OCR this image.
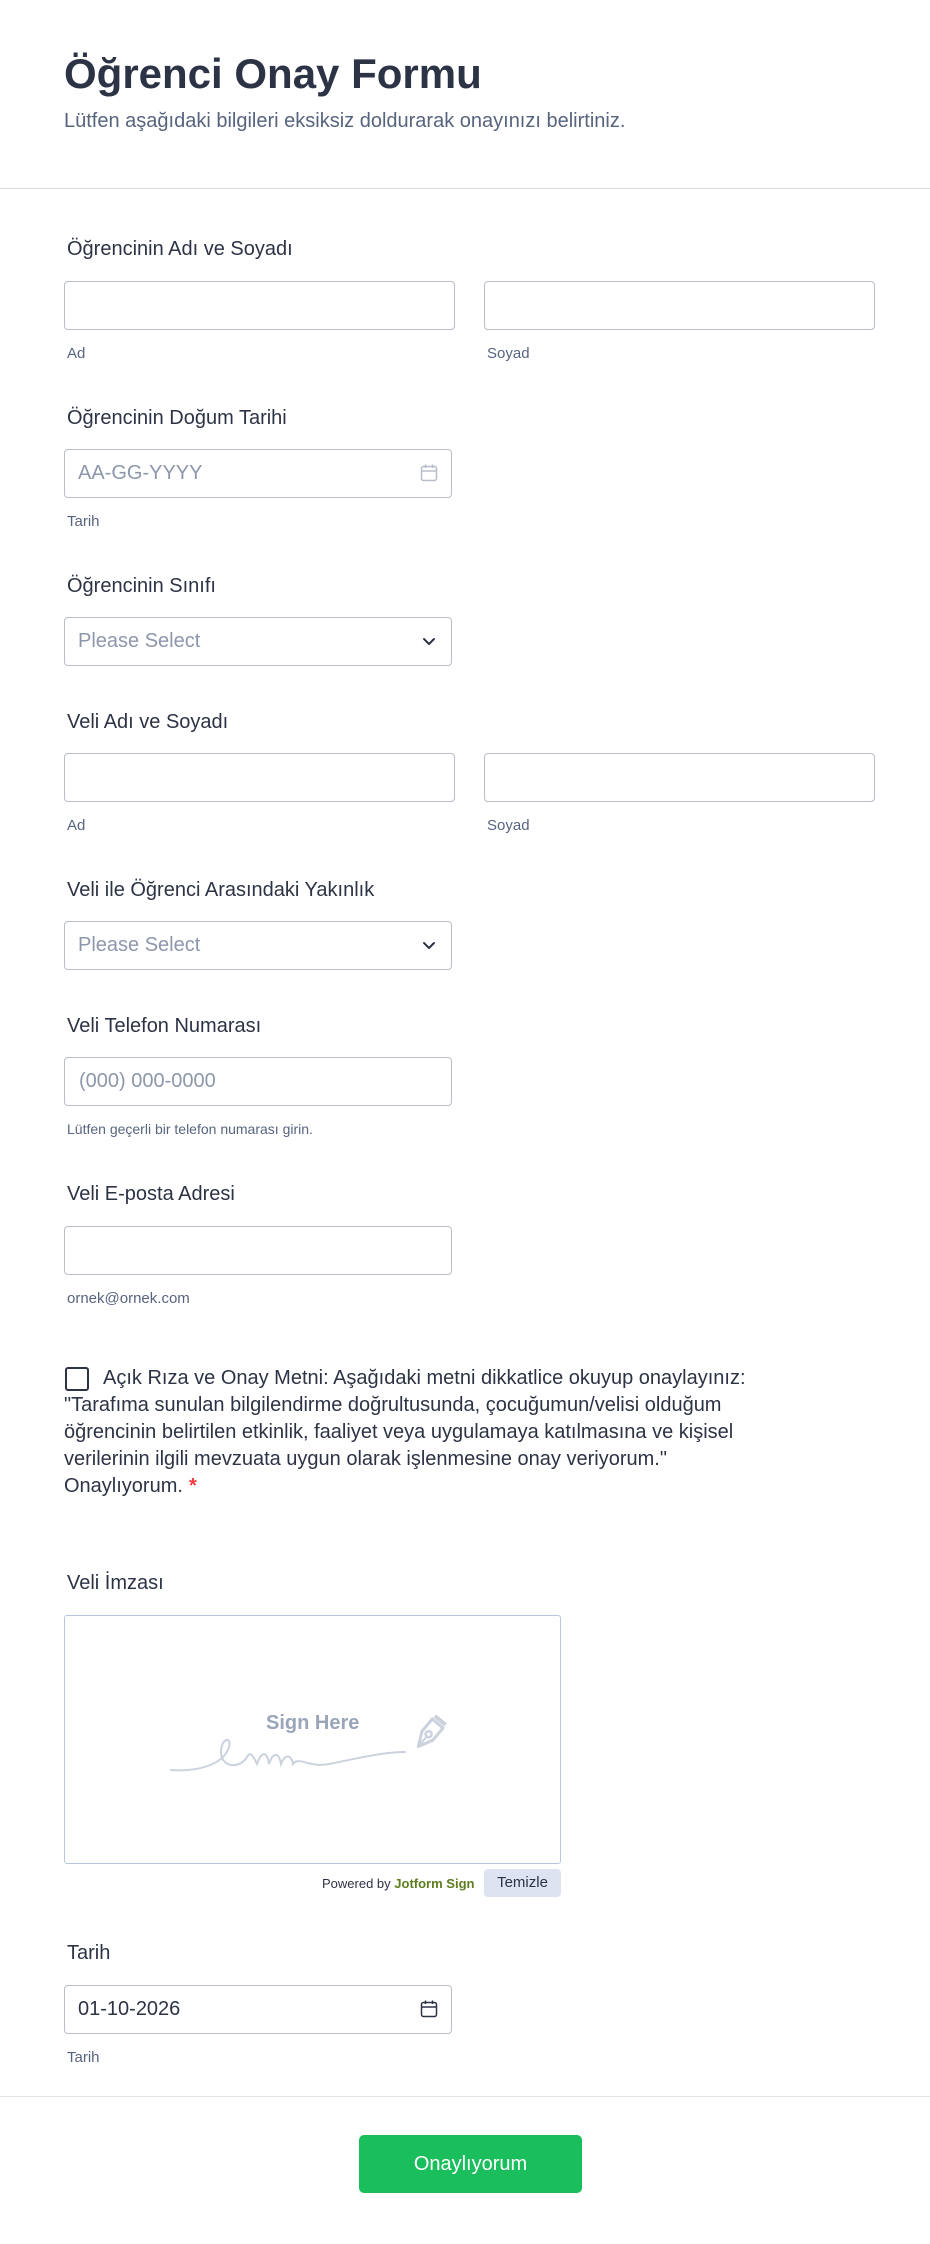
Öğrenci Onay Formu
Lütfen aşağıdaki bilgileri eksiksiz doldurarak onayınızı belirtiniz.
Öğrencinin Adı ve Soyadı
Ad	Soyad
Öğrencinin Doğum Tarihi
AA-GG-YYYY
Tarih
Öğrencinin Sınıfı
Please Select
Veli Adı ve Soyadı
Ad	Soyad
Veli ile Öğrenci Arasındaki Yakınlık
Please Select
Veli Telefon Numarası
(000) 000-0000
Lütfen geçerli bir telefon numarası girin.
Veli E-posta Adresi
ornek@ornek.com
Açık Rıza ve Onay Metni: Aşağıdaki metni dikkatlice okuyup onaylayınız: "Tarafıma sunulan bilgilendirme doğrultusunda, çocuğumun/velisi olduğum öğrencinin belirtilen etkinlik, faaliyet veya uygulamaya katılmasına ve kişisel verilerinin ilgili mevzuata uygun olarak işlenmesine onay veriyorum." Onaylıyorum. *
Veli İmzası
Sign Here
Powered by Jotform Sign	Temizle
Tarih
01-10-2026
Tarih
Onaylıyorum
